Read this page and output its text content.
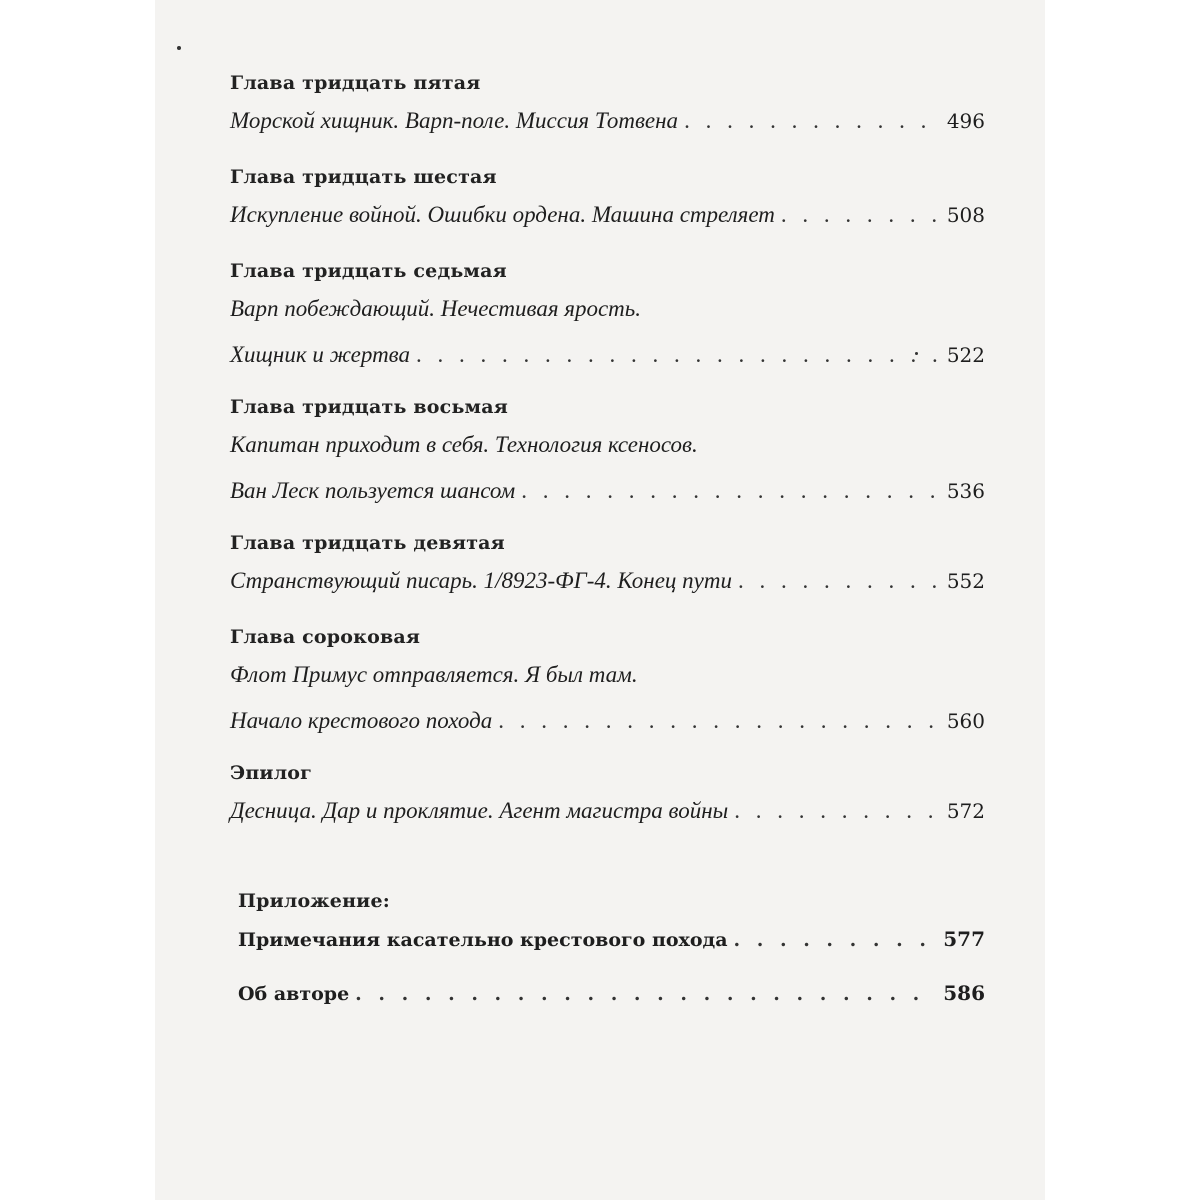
Глава тридцать пятая
Морской хищник. Варп-поле. Миссия Тотвена . . .	496
Глава тридцать шестая
Искупление войной. Ошибки ордена. Машина стреляет . . .	508
Глава тридцать седьмая
Варп побеждающий. Нечестивая ярость.
Хищник и жертва . . .	522
Глава тридцать восьмая
Капитан приходит в себя. Технология ксеносов.
Ван Леск пользуется шансом . . .	536
Глава тридцать девятая
Странствующий писарь. 1/8923-ФГ-4. Конец пути . . .	552
Глава сороковая
Флот Примус отправляется. Я был там.
Начало крестового похода . . .	560
Эпилог
Десница. Дар и проклятие. Агент магистра войны . . .	572
Приложение:
Примечания касательно крестового похода . . .	577
Об авторе . . .	586
